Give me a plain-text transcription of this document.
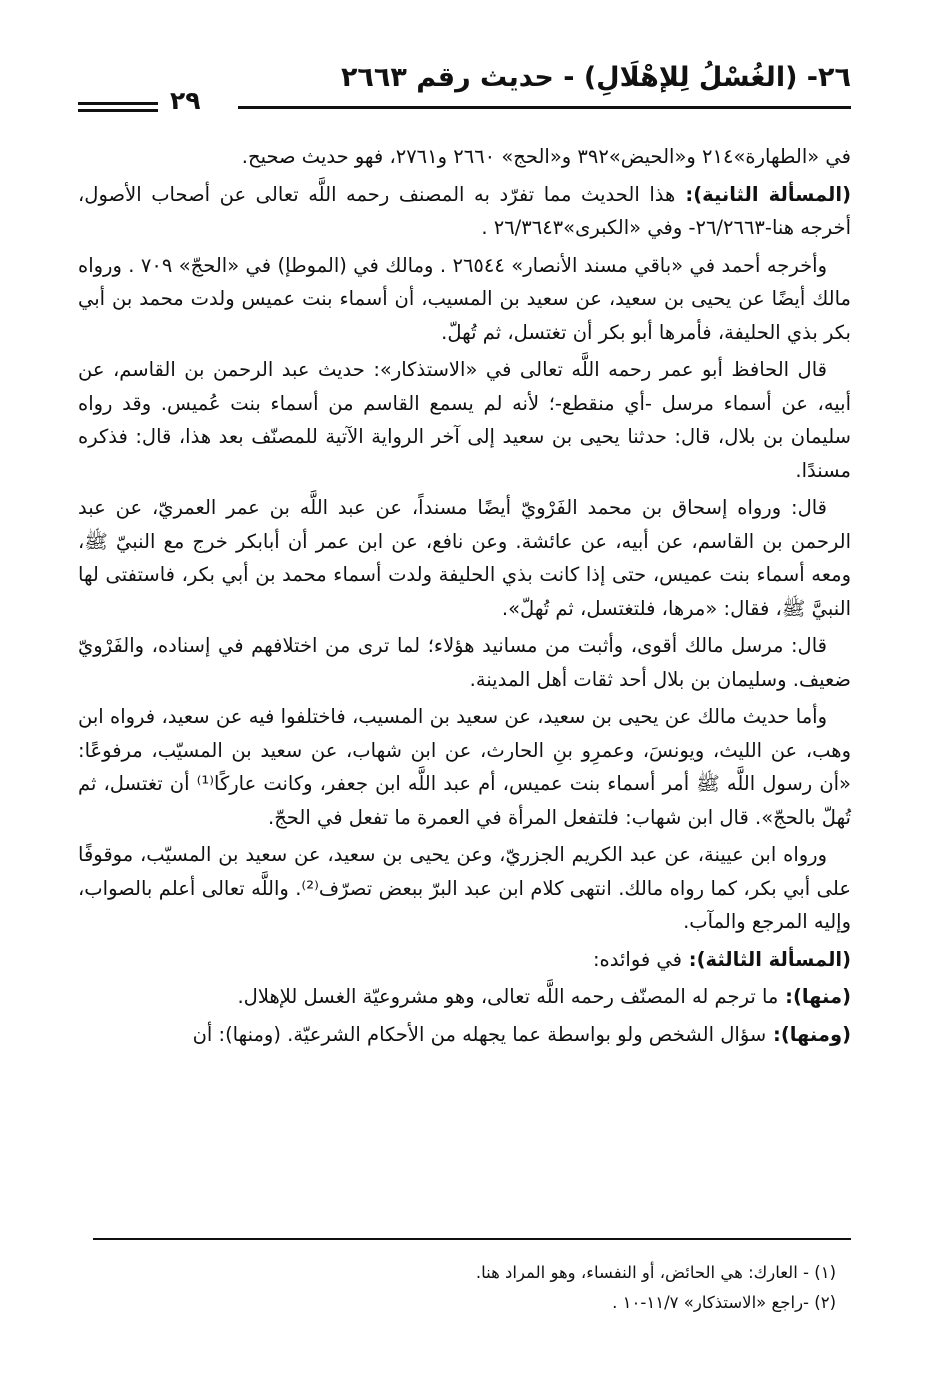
٢٦- (الغُسْلُ لِلإهْلَالِ) - حديث رقم ٢٦٦٣
٢٩

في «الطهارة»٢١٤ و«الحيض»٣٩٢ و«الحج» ٢٦٦٠ و٢٧٦١، فهو حديث صحيح.

(المسألة الثانية): هذا الحديث مما تفرّد به المصنف رحمه اللَّه تعالى عن أصحاب الأصول، أخرجه هنا-٢٦/٢٦٦٣- وفي «الكبرى»٢٦/٣٦٤٣ .

وأخرجه أحمد في «باقي مسند الأنصار» ٢٦٥٤٤ . ومالك في (الموطإ) في «الحجّ» ٧٠٩ . ورواه مالك أيضًا عن يحيى بن سعيد، عن سعيد بن المسيب، أن أسماء بنت عميس ولدت محمد بن أبي بكر بذي الحليفة، فأمرها أبو بكر أن تغتسل، ثم تُهلّ.

قال الحافظ أبو عمر رحمه اللَّه تعالى في «الاستذكار»: حديث عبد الرحمن بن القاسم، عن أبيه، عن أسماء مرسل -أي منقطع-؛ لأنه لم يسمع القاسم من أسماء بنت عُميس. وقد رواه سليمان بن بلال، قال: حدثنا يحيى بن سعيد إلى آخر الرواية الآتية للمصنّف بعد هذا، قال: فذكره مسندًا.

قال: ورواه إسحاق بن محمد الفَرْويّ أيضًا مسنداً، عن عبد اللَّه بن عمر العمريّ، عن عبد الرحمن بن القاسم، عن أبيه، عن عائشة. وعن نافع، عن ابن عمر أن أبابكر خرج مع النبيّ ﷺ، ومعه أسماء بنت عميس، حتى إذا كانت بذي الحليفة ولدت أسماء محمد بن أبي بكر، فاستفتى لها النبيَّ ﷺ، فقال: «مرها، فلتغتسل، ثم تُهلّ».

قال: مرسل مالك أقوى، وأثبت من مسانيد هؤلاء؛ لما ترى من اختلافهم في إسناده، والفَرْويّ ضعيف. وسليمان بن بلال أحد ثقات أهل المدينة.

وأما حديث مالك عن يحيى بن سعيد، عن سعيد بن المسيب، فاختلفوا فيه عن سعيد، فرواه ابن وهب، عن الليث، ويونسَ، وعمرِو بنِ الحارث، عن ابن شهاب، عن سعيد بن المسيّب، مرفوعًا: «أن رسول اللَّه ﷺ أمر أسماء بنت عميس، أم عبد اللَّه ابن جعفر، وكانت عاركًا⁽¹⁾ أن تغتسل، ثم تُهلّ بالحجّ». قال ابن شهاب: فلتفعل المرأة في العمرة ما تفعل في الحجّ.

ورواه ابن عيينة، عن عبد الكريم الجزريّ، وعن يحيى بن سعيد، عن سعيد بن المسيّب، موقوفًا على أبي بكر، كما رواه مالك. انتهى كلام ابن عبد البرّ ببعض تصرّف⁽²⁾. واللَّه تعالى أعلم بالصواب، وإليه المرجع والمآب.

(المسألة الثالثة): في فوائده:

(منها): ما ترجم له المصنّف رحمه اللَّه تعالى، وهو مشروعيّة الغسل للإهلال.

(ومنها): سؤال الشخص ولو بواسطة عما يجهله من الأحكام الشرعيّة. (ومنها): أن

(١) - العارك: هي الحائض، أو النفساء، وهو المراد هنا.
(٢) -راجع «الاستذكار» ١١/٧-١٠ .
